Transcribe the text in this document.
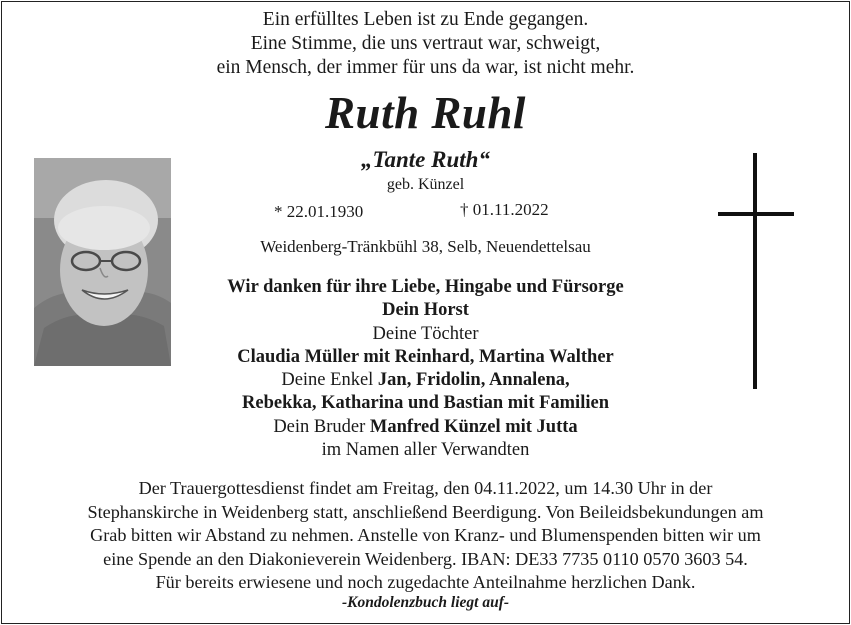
Ein erfülltes Leben ist zu Ende gegangen.
Eine Stimme, die uns vertraut war, schweigt,
ein Mensch, der immer für uns da war, ist nicht mehr.
Ruth Ruhl
„Tante Ruth“
geb. Künzel
* 22.01.1930	† 01.11.2022
Weidenberg-Tränkbühl 38, Selb, Neuendettelsau
Wir danken für ihre Liebe, Hingabe und Fürsorge
Dein Horst
Deine Töchter
Claudia Müller mit Reinhard, Martina Walther
Deine Enkel Jan, Fridolin, Annalena,
Rebekka, Katharina und Bastian mit Familien
Dein Bruder Manfred Künzel mit Jutta
im Namen aller Verwandten
Der Trauergottesdienst findet am Freitag, den 04.11.2022, um 14.30 Uhr in der
Stephanskirche in Weidenberg statt, anschließend Beerdigung. Von Beileidsbekundungen am
Grab bitten wir Abstand zu nehmen. Anstelle von Kranz- und Blumenspenden bitten wir um
eine Spende an den Diakonieverein Weidenberg. IBAN: DE33 7735 0110 0570 3603 54.
Für bereits erwiesene und noch zugedachte Anteilnahme herzlichen Dank.
-Kondolenzbuch liegt auf-
